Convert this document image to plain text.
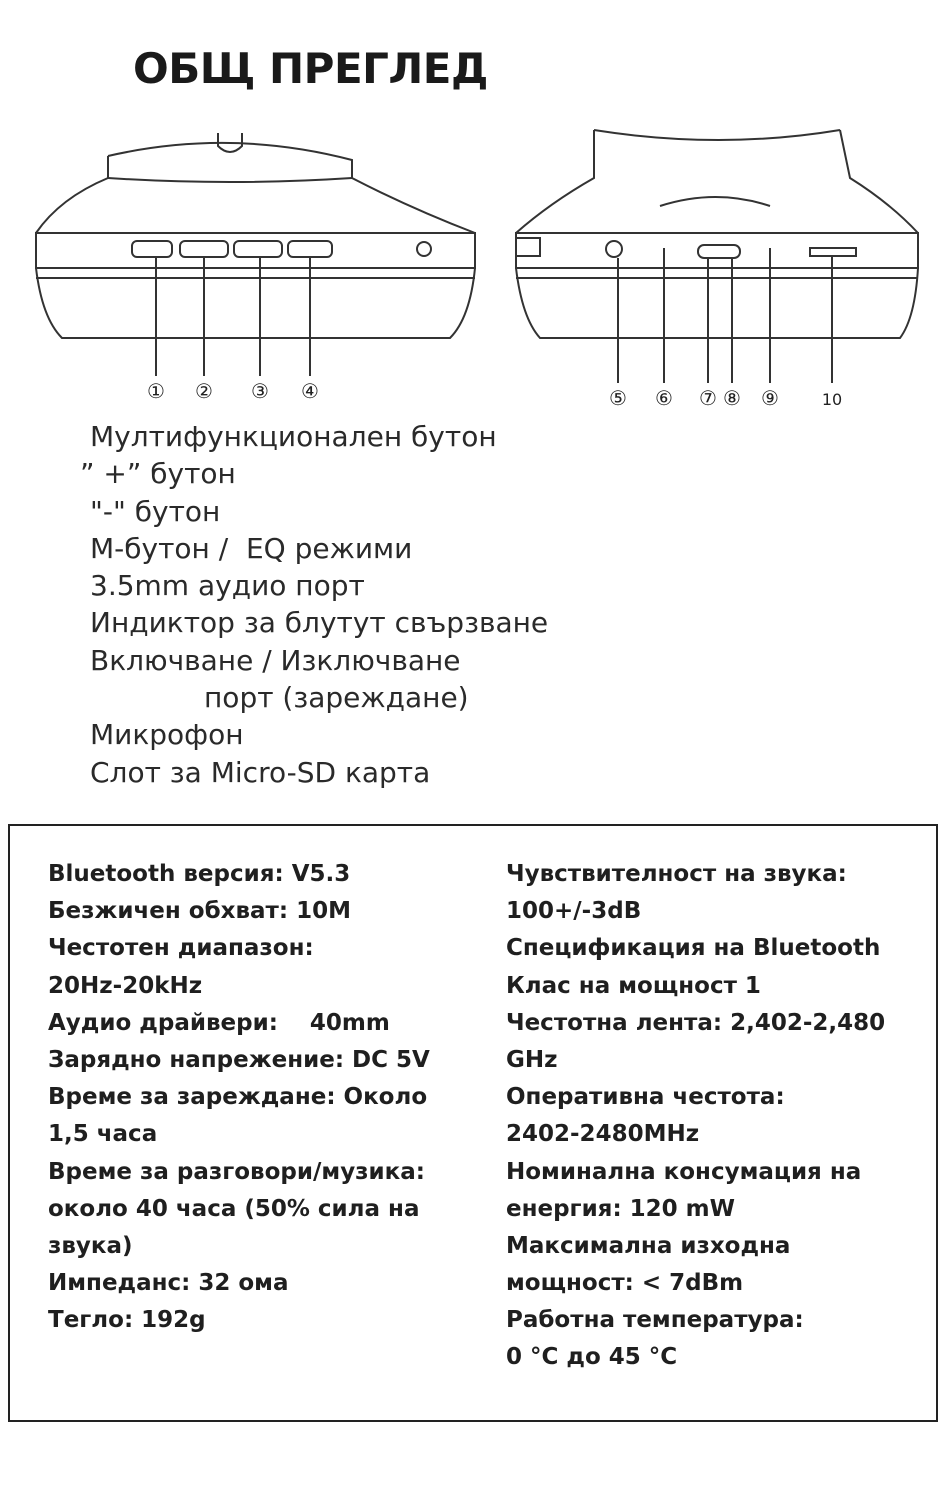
ОБЩ ПРЕГЛЕД
① ② ③ ④	⑤ ⑥ ⑦ ⑧ ⑨	10
Мултифункционален бутон
” +” бутон
"-" бутон
М-бутон /  EQ режими
3.5mm аудио порт
Индиктор за блутут свързване
Включване / Изключване
порт (зареждане)
Микрофон
Слот за Micro-SD карта
Bluetooth версия: V5.3
Безжичен обхват: 10M
Честотен диапазон:
20Hz-20kHz
Аудио драйвери:    40mm
Зарядно напрежение: DC 5V
Време за зареждане: Около
1,5 часа
Време за разговори/музика:
около 40 часа (50% сила на
звука)
Импеданс: 32 ома
Тегло: 192g
Чувствителност на звука:
100+/-3dB
Спецификация на Bluetooth
Клас на мощност 1
Честотна лента: 2,402-2,480
GHz
Оперативна честота:
2402-2480MHz
Номинална консумация на
енергия: 120 mW
Максимална изходна
мощност: < 7dBm
Работна температура:
0 °C до 45 °C
